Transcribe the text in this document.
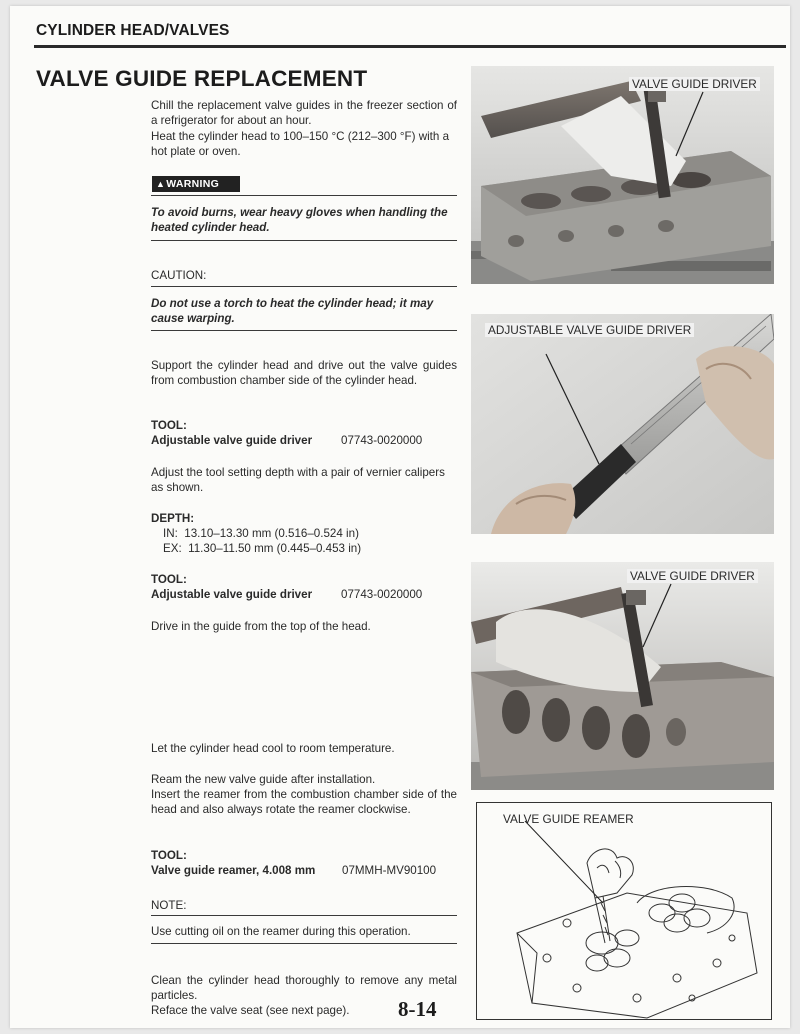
CYLINDER HEAD/VALVES
VALVE GUIDE REPLACEMENT
Chill the replacement valve guides in the freezer section of a refrigerator for about an hour.
Heat the cylinder head to 100–150 °C (212–300 °F) with a hot plate or oven.
▲WARNING
To avoid burns, wear heavy gloves when handling the heated cylinder head.
CAUTION:
Do not use a torch to heat the cylinder head; it may cause warping.
Support the cylinder head and drive out the valve guides from combustion chamber side of the cylinder head.
TOOL:
Adjustable valve guide driver 07743-0020000
Adjust the tool setting depth with a pair of vernier calipers as shown.
DEPTH:
IN:  13.10–13.30 mm (0.516–0.524 in)
EX:  11.30–11.50 mm (0.445–0.453 in)
TOOL:
Adjustable valve guide driver 07743-0020000
Drive in the guide from the top of the head.
Let the cylinder head cool to room temperature.
Ream the new valve guide after installation.
Insert the reamer from the combustion chamber side of the head and also always rotate the reamer clockwise.
TOOL:
Valve guide reamer, 4.008 mm 07MMH-MV90100
NOTE:
Use cutting oil on the reamer during this operation.
Clean the cylinder head thoroughly to remove any metal particles.
Reface the valve seat (see next page). 8-14
VALVE GUIDE DRIVER
ADJUSTABLE VALVE GUIDE DRIVER
VALVE GUIDE DRIVER
VALVE GUIDE REAMER
